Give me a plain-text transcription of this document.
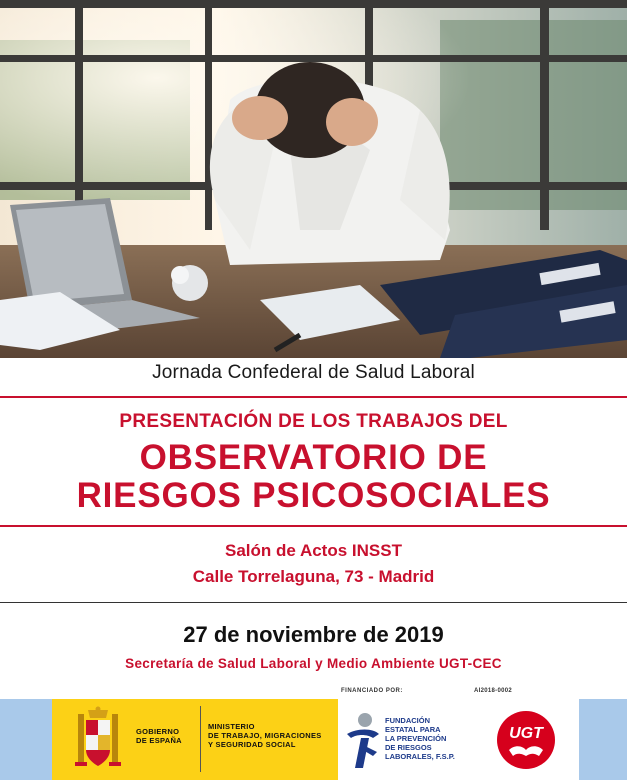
Jornada Confederal de Salud Laboral
PRESENTACIÓN DE LOS TRABAJOS DEL
OBSERVATORIO DE
RIESGOS PSICOSOCIALES
Salón de Actos INSST
Calle Torrelaguna, 73 - Madrid
27 de noviembre de 2019
Secretaría de Salud Laboral y Medio Ambiente UGT-CEC
FINANCIADO POR:	AI2018-0002
GOBIERNO
DE ESPAÑA
MINISTERIO
DE TRABAJO, MIGRACIONES
Y SEGURIDAD SOCIAL
FUNDACIÓN
ESTATAL PARA
LA PREVENCIÓN
DE RIESGOS
LABORALES, F.S.P.
UGT
